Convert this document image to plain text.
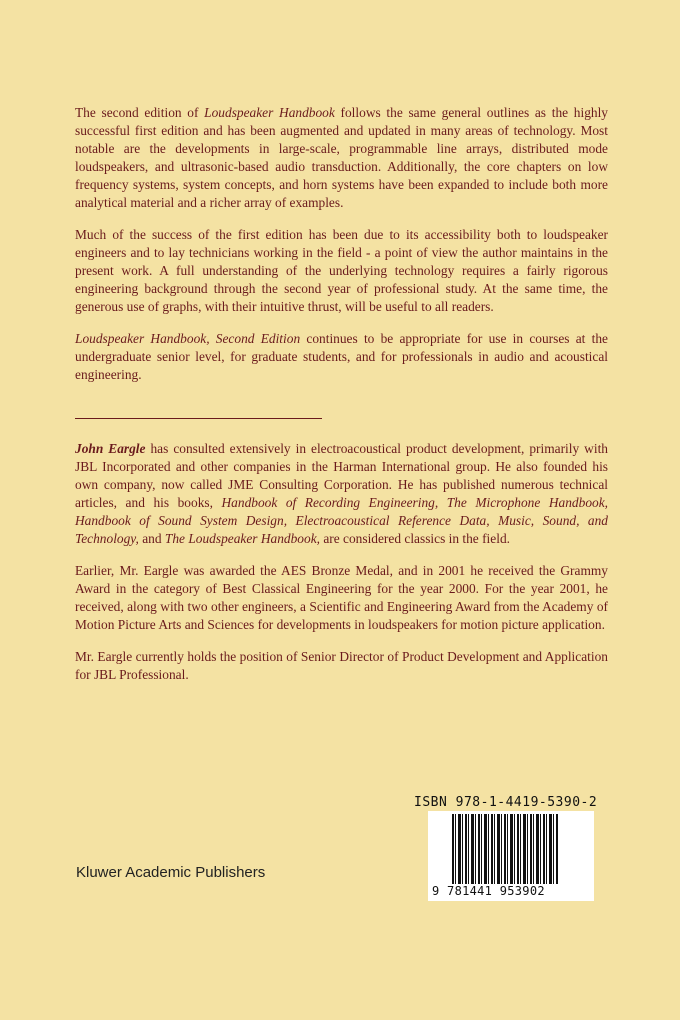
The second edition of Loudspeaker Handbook follows the same general outlines as the highly successful first edition and has been augmented and updated in many areas of technology. Most notable are the developments in large-scale, programmable line arrays, distributed mode loudspeakers, and ultrasonic-based audio transduction. Additionally, the core chapters on low frequency systems, system concepts, and horn systems have been expanded to include both more analytical material and a richer array of examples.

Much of the success of the first edition has been due to its accessibility both to loudspeaker engineers and to lay technicians working in the field - a point of view the author maintains in the present work. A full understanding of the underlying technology requires a fairly rigorous engineering background through the second year of professional study. At the same time, the generous use of graphs, with their intuitive thrust, will be useful to all readers.

Loudspeaker Handbook, Second Edition continues to be appropriate for use in courses at the undergraduate senior level, for graduate students, and for professionals in audio and acoustical engineering.

John Eargle has consulted extensively in electroacoustical product development, primarily with JBL Incorporated and other companies in the Harman International group. He also founded his own company, now called JME Consulting Corporation. He has published numerous technical articles, and his books, Handbook of Recording Engineering, The Microphone Handbook, Handbook of Sound System Design, Electroacoustical Reference Data, Music, Sound, and Technology, and The Loudspeaker Handbook, are considered classics in the field.

Earlier, Mr. Eargle was awarded the AES Bronze Medal, and in 2001 he received the Grammy Award in the category of Best Classical Engineering for the year 2000. For the year 2001, he received, along with two other engineers, a Scientific and Engineering Award from the Academy of Motion Picture Arts and Sciences for developments in loudspeakers for motion picture application.

Mr. Eargle currently holds the position of Senior Director of Product Development and Application for JBL Professional.

ISBN 978-1-4419-5390-2
9 781441 953902
Kluwer Academic Publishers
